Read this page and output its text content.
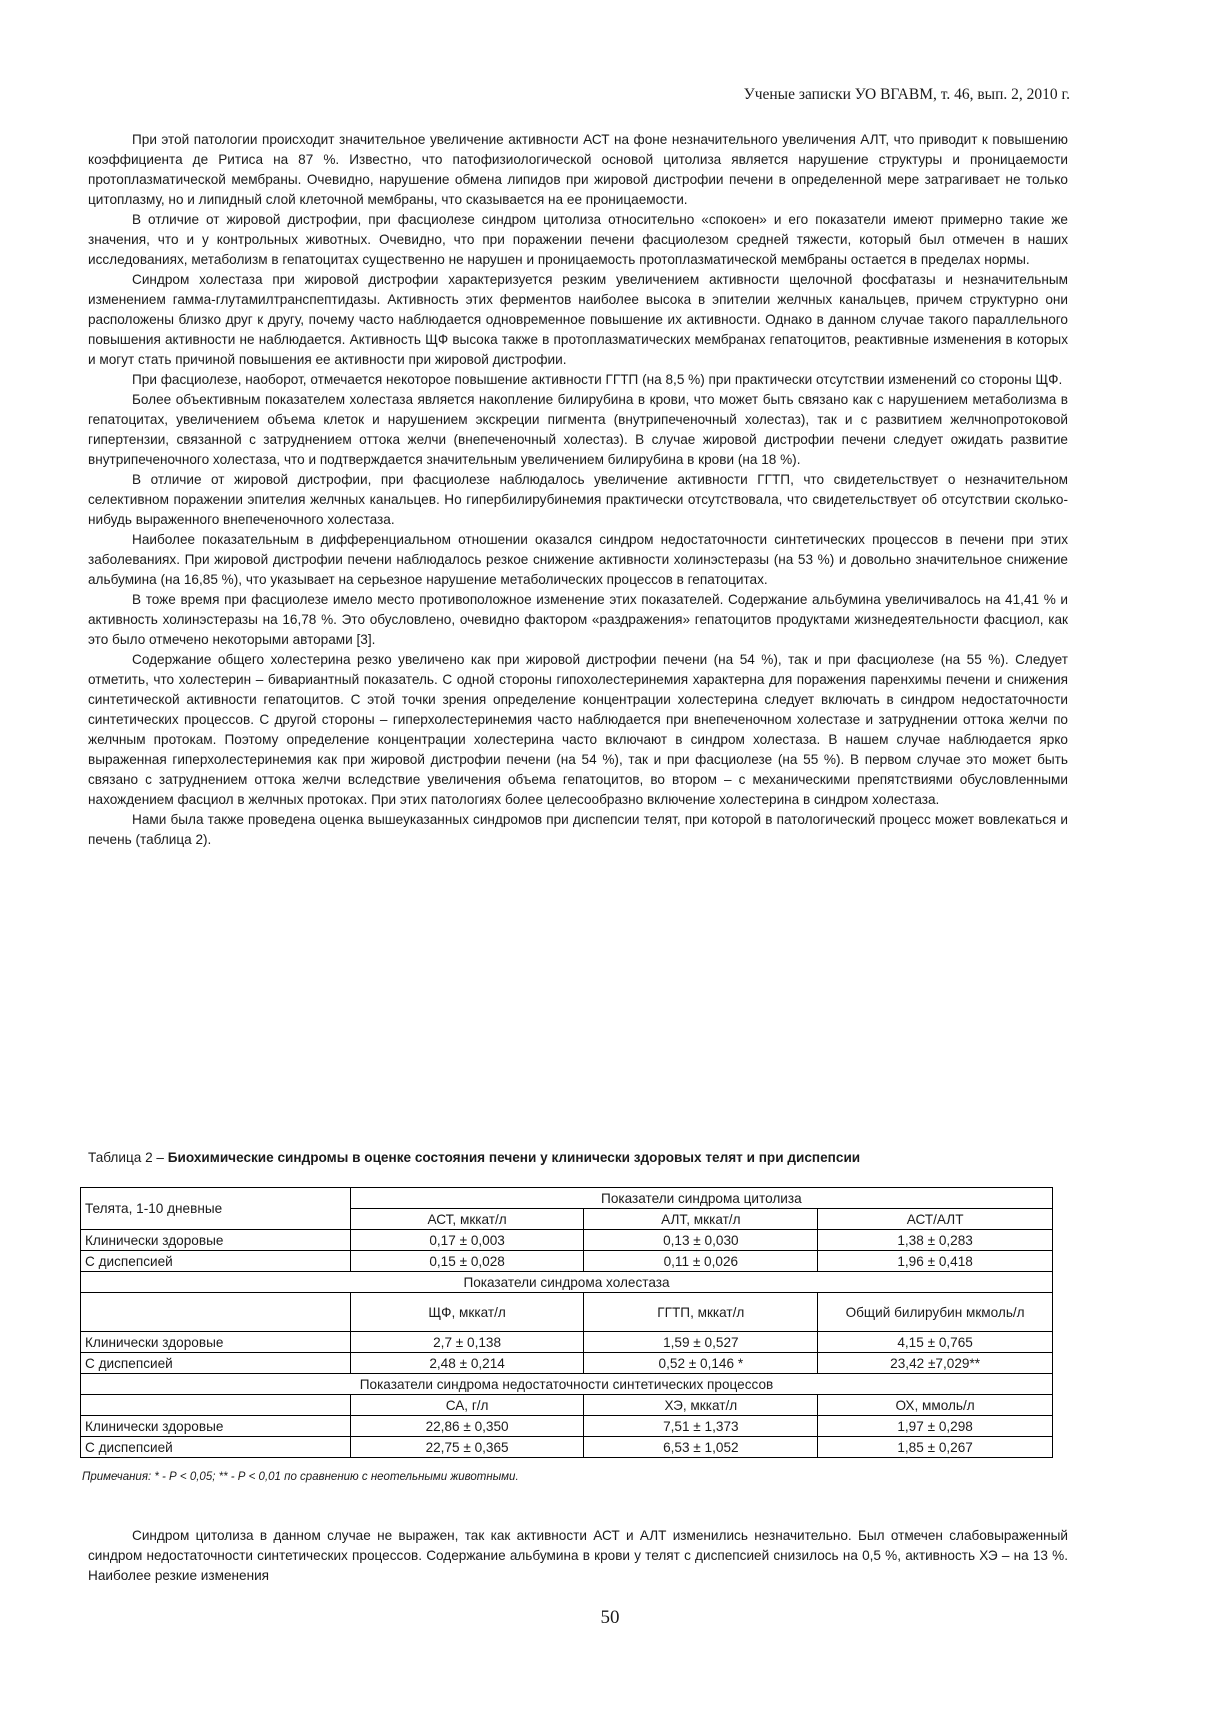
Ученые записки УО ВГАВМ, т. 46, вып. 2, 2010 г.

При этой патологии происходит значительное увеличение активности АСТ на фоне незначительного увеличения АЛТ, что приводит к повышению коэффициента де Ритиса на 87 %. Известно, что патофизиологической основой цитолиза является нарушение структуры и проницаемости протоплазматической мембраны. Очевидно, нарушение обмена липидов при жировой дистрофии печени в определенной мере затрагивает не только цитоплазму, но и липидный слой клеточной мембраны, что сказывается на ее проницаемости.

В отличие от жировой дистрофии, при фасциолезе синдром цитолиза относительно «спокоен» и его показатели имеют примерно такие же значения, что и у контрольных животных. Очевидно, что при поражении печени фасциолезом средней тяжести, который был отмечен в наших исследованиях, метаболизм в гепатоцитах существенно не нарушен и проницаемость протоплазматической мембраны остается в пределах нормы.

Синдром холестаза при жировой дистрофии характеризуется резким увеличением активности щелочной фосфатазы и незначительным изменением гамма-глутамилтранспептидазы. Активность этих ферментов наиболее высока в эпителии желчных канальцев, причем структурно они расположены близко друг к другу, почему часто наблюдается одновременное повышение их активности. Однако в данном случае такого параллельного повышения активности не наблюдается. Активность ЩФ высока также в протоплазматических мембранах гепатоцитов, реактивные изменения в которых и могут стать причиной повышения ее активности при жировой дистрофии.

При фасциолезе, наоборот, отмечается некоторое повышение активности ГГТП (на 8,5 %) при практически отсутствии изменений со стороны ЩФ.

Более объективным показателем холестаза является накопление билирубина в крови, что может быть связано как с нарушением метаболизма в гепатоцитах, увеличением объема клеток и нарушением экскреции пигмента (внутрипеченочный холестаз), так и с развитием желчнопротоковой гипертензии, связанной с затруднением оттока желчи (внепеченочный холестаз). В случае жировой дистрофии печени следует ожидать развитие внутрипеченочного холестаза, что и подтверждается значительным увеличением билирубина в крови (на 18 %).

В отличие от жировой дистрофии, при фасциолезе наблюдалось увеличение активности ГГТП, что свидетельствует о незначительном селективном поражении эпителия желчных канальцев. Но гипербилирубинемия практически отсутствовала, что свидетельствует об отсутствии сколько-нибудь выраженного внепеченочного холестаза.

Наиболее показательным в дифференциальном отношении оказался синдром недостаточности синтетических процессов в печени при этих заболеваниях. При жировой дистрофии печени наблюдалось резкое снижение активности холинэстеразы (на 53 %) и довольно значительное снижение альбумина (на 16,85 %), что указывает на серьезное нарушение метаболических процессов в гепатоцитах.

В тоже время при фасциолезе имело место противоположное изменение этих показателей. Содержание альбумина увеличивалось на 41,41 % и активность холинэстеразы на 16,78 %. Это обусловлено, очевидно фактором «раздражения» гепатоцитов продуктами жизнедеятельности фасциол, как это было отмечено некоторыми авторами [3].

Содержание общего холестерина резко увеличено как при жировой дистрофии печени (на 54 %), так и при фасциолезе (на 55 %). Следует отметить, что холестерин – бивариантный показатель. С одной стороны гипохолестеринемия характерна для поражения паренхимы печени и снижения синтетической активности гепатоцитов. С этой точки зрения определение концентрации холестерина следует включать в синдром недостаточности синтетических процессов. С другой стороны – гиперхолестеринемия часто наблюдается при внепеченочном холестазе и затруднении оттока желчи по желчным протокам. Поэтому определение концентрации холестерина часто включают в синдром холестаза. В нашем случае наблюдается ярко выраженная гиперхолестеринемия как при жировой дистрофии печени (на 54 %), так и при фасциолезе (на 55 %). В первом случае это может быть связано с затруднением оттока желчи вследствие увеличения объема гепатоцитов, во втором – с механическими препятствиями обусловленными нахождением фасциол в желчных протоках. При этих патологиях более целесообразно включение холестерина в синдром холестаза.

Нами была также проведена оценка вышеуказанных синдромов при диспепсии телят, при которой в патологический процесс может вовлекаться и печень (таблица 2).

Таблица 2 – Биохимические синдромы в оценке состояния печени у клинически здоровых телят и при диспепсии
Телята, 1-10 дневные	Показатели синдрома цитолиза		
	АСТ, мккат/л	АЛТ, мккат/л	АСТ/АЛТ
Клинически здоровые	0,17 ± 0,003	0,13 ± 0,030	1,38 ± 0,283
С диспепсией	0,15 ± 0,028	0,11 ± 0,026	1,96 ± 0,418
Показатели синдрома холестаза			
	ЩФ, мккат/л	ГГТП, мккат/л	Общий билирубин мкмоль/л
Клинически здоровые	2,7 ± 0,138	1,59 ± 0,527	4,15 ± 0,765
С диспепсией	2,48 ± 0,214	0,52 ± 0,146 *	23,42 ±7,029**
Показатели синдрома недостаточности синтетических процессов			
	СА, г/л	ХЭ, мккат/л	ОХ, ммоль/л
Клинически здоровые	22,86 ± 0,350	7,51 ± 1,373	1,97 ± 0,298
С диспепсией	22,75 ± 0,365	6,53 ± 1,052	1,85 ± 0,267
Примечания: * - Р < 0,05; ** - Р < 0,01 по сравнению с неотельными животными.

Синдром цитолиза в данном случае не выражен, так как активности АСТ и АЛТ изменились незначительно. Был отмечен слабовыраженный синдром недостаточности синтетических процессов. Содержание альбумина в крови у телят с диспепсией снизилось на 0,5 %, активность ХЭ – на 13 %. Наиболее резкие изменения

50
